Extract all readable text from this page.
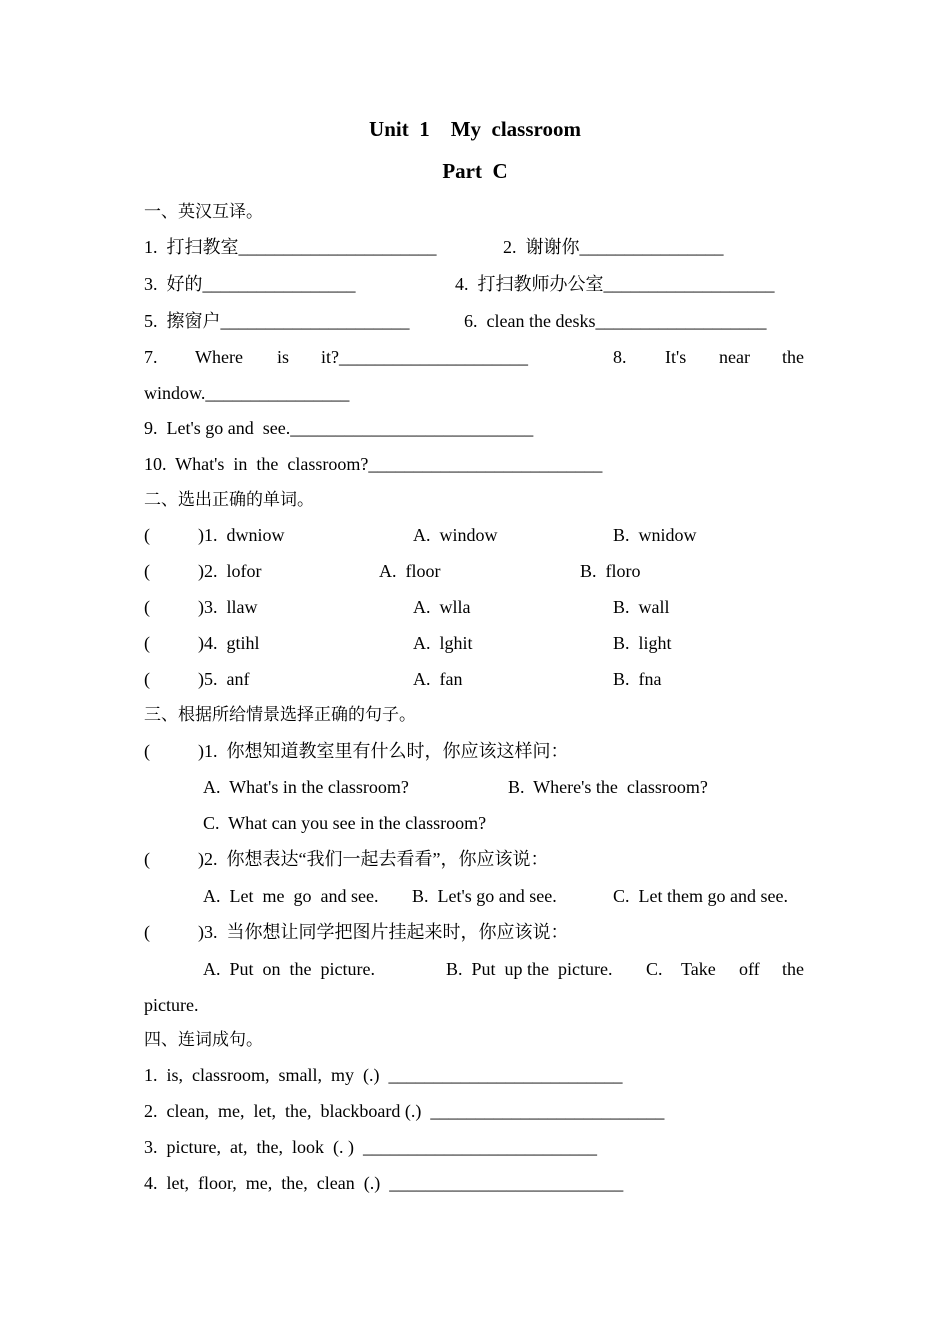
Unit  1    My  classroom
Part  C
一、英汉互译。
1.  打扫教室______________________	2.  谢谢你________________
3.  好的_________________	4.  打扫教师办公室___________________
5.  擦窗户_____________________	6.  clean the desks___________________
7. Where is it?_____________________	8. It's near the
window.________________
9.  Let's go and  see.___________________________
10.  What's  in  the  classroom?__________________________
二、选出正确的单词。
(	)1.  dwniow	A.  window	B.  wnidow
(	)2.  lofor	A.  floor	B.  floro
(	)3.  llaw	A.  wlla	B.  wall
(	)4.  gtihl	A.  lghit	B.  light
(	)5.  anf	A.  fan	B.  fna
三、根据所给情景选择正确的句子。
(	)1.  你想知道教室里有什么时，你应该这样问：
A.  What's in the classroom?	B.  Where's the  classroom?
C.  What can you see in the classroom?
(	)2.  你想表达“我们一起去看看”，你应该说：
A.  Let  me  go  and see. B.  Let's go and see.	C.  Let them go and see.
(	)3.  当你想让同学把图片挂起来时，你应该说：
A.  Put  on  the  picture.	B.  Put  up the  picture. C. Take off the
picture.
四、连词成句。
1.  is,  classroom,  small,  my  (.)  __________________________
2.  clean,  me,  let,  the,  blackboard (.)  __________________________
3.  picture,  at,  the,  look  (. )  __________________________
4.  let,  floor,  me,  the,  clean  (.)  __________________________
